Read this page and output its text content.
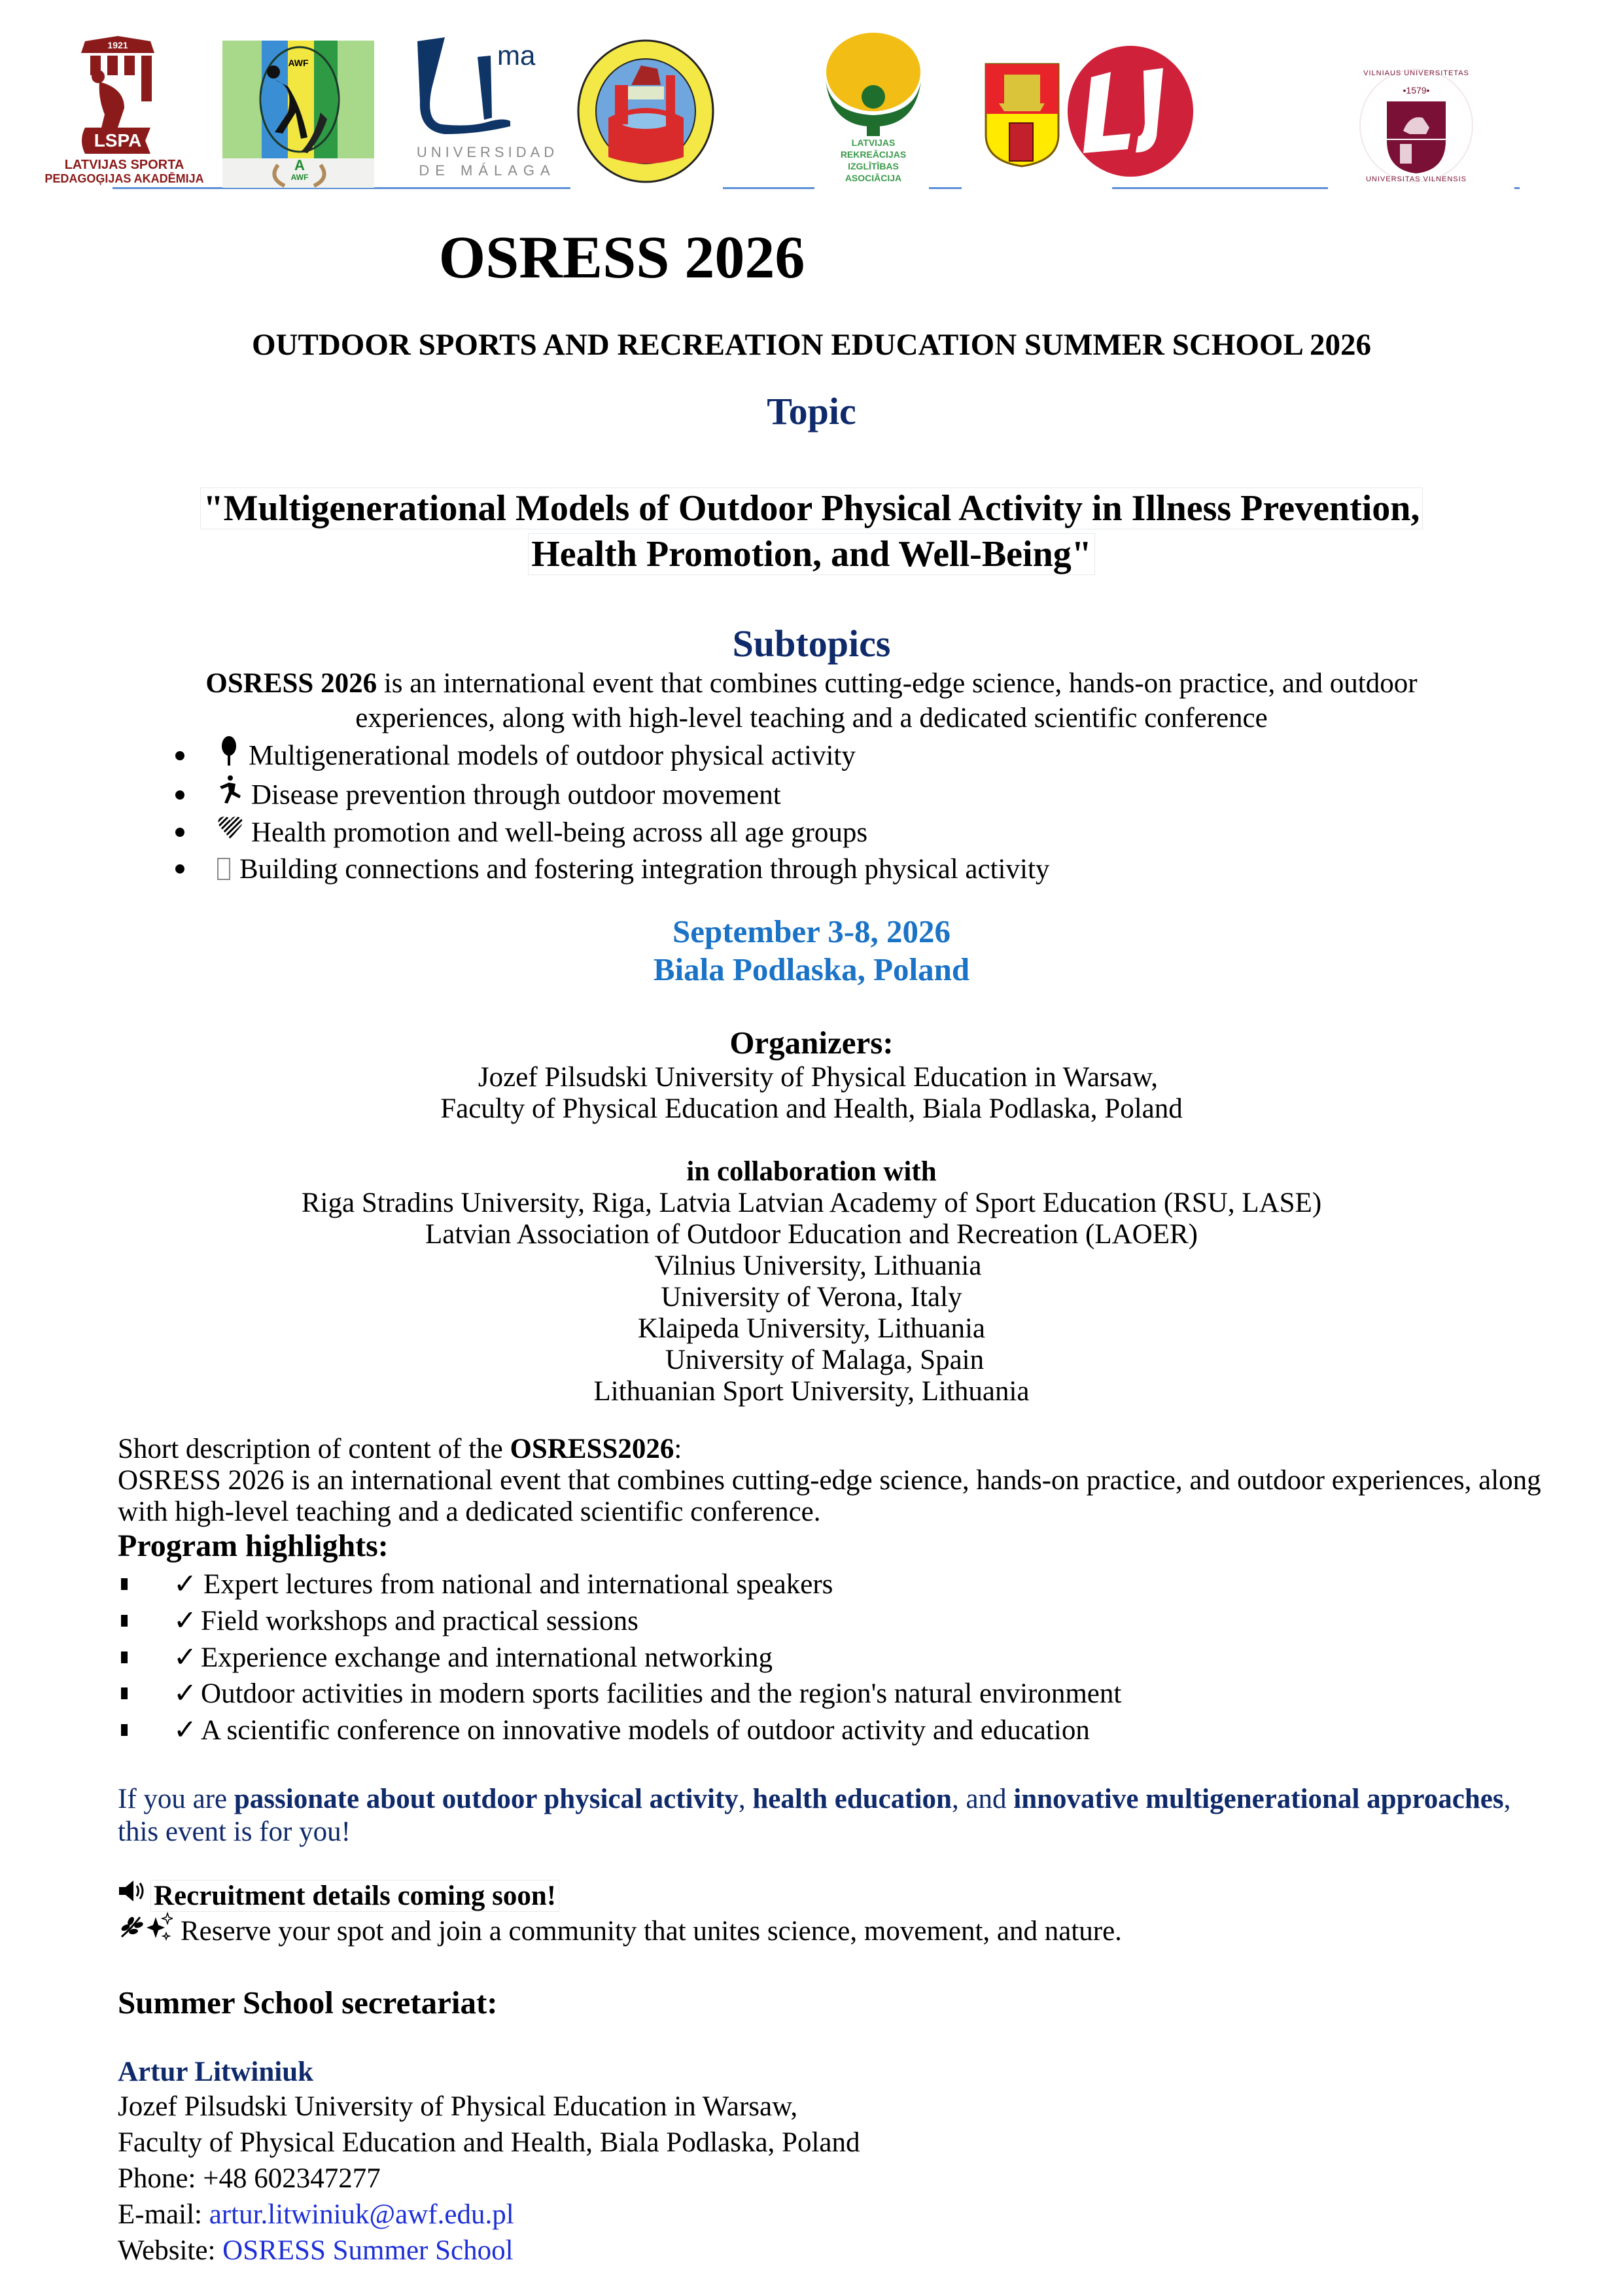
1921
LSPA
LATVIJAS SPORTA
PEDAGOĢIJAS AKADĒMIJA
A
AWF
AWF
ma
UNIVERSIDAD
DE MÁLAGA
LATVIJAS
REKREĀCIJAS
IZGLĪTĪBAS
ASOCIĀCIJA
•1579•
VILNIAUS UNIVERSITETAS
UNIVERSITAS VILNENSIS
OSRESS 2026
OUTDOOR SPORTS AND RECREATION EDUCATION SUMMER SCHOOL 2026
Topic
"Multigenerational Models of Outdoor Physical Activity in Illness Prevention,
Health Promotion, and Well-Being"
Subtopics
OSRESS 2026 is an international event that combines cutting-edge science, hands-on practice, and outdoor
experiences, along with high-level teaching and a dedicated scientific conference
Multigenerational models of outdoor physical activity
Disease prevention through outdoor movement
Health promotion and well-being across all age groups
Building connections and fostering integration through physical activity
September 3-8, 2026
Biala Podlaska, Poland
Organizers:
Jozef Pilsudski University of Physical Education in Warsaw,
Faculty of Physical Education and Health, Biala Podlaska, Poland
in collaboration with
Riga Stradins University, Riga, Latvia Latvian Academy of Sport Education (RSU, LASE)
Latvian Association of Outdoor Education and Recreation (LAOER)
Vilnius University, Lithuania
University of Verona, Italy
Klaipeda University, Lithuania
University of Malaga, Spain
Lithuanian Sport University, Lithuania
Short description of content of the OSRESS2026:
OSRESS 2026 is an international event that combines cutting-edge science, hands-on practice, and outdoor experiences, along
with high-level teaching and a dedicated scientific conference.
Program highlights:
✓ Expert lectures from national and international speakers
✓ Field workshops and practical sessions
✓ Experience exchange and international networking
✓ Outdoor activities in modern sports facilities and the region's natural environment
✓ A scientific conference on innovative models of outdoor activity and education
If you are passionate about outdoor physical activity, health education, and innovative multigenerational approaches,
this event is for you!
Recruitment details coming soon!
Reserve your spot and join a community that unites science, movement, and nature.
Summer School secretariat:
Artur Litwiniuk
Jozef Pilsudski University of Physical Education in Warsaw,
Faculty of Physical Education and Health, Biala Podlaska, Poland
Phone: +48 602347277
E-mail: artur.litwiniuk@awf.edu.pl
Website: OSRESS Summer School
